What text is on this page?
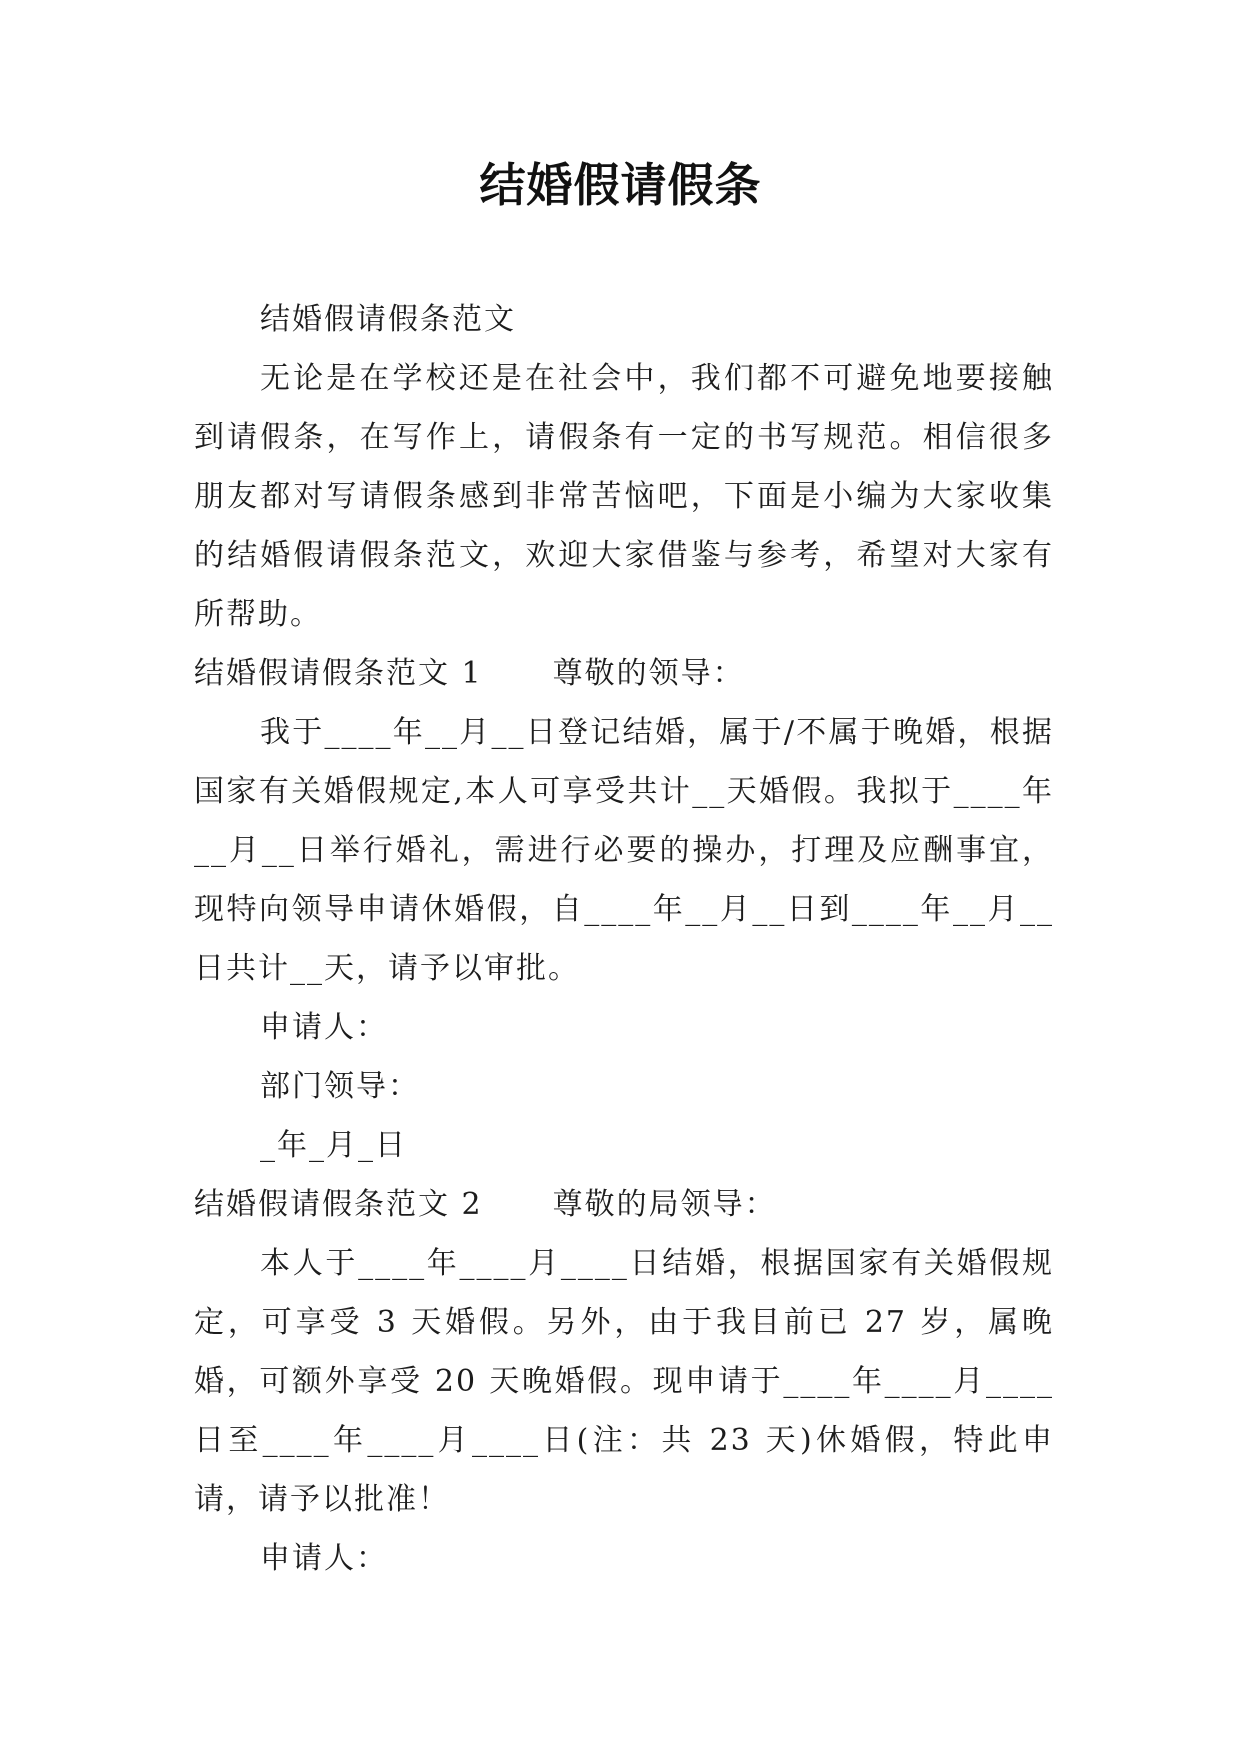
结婚假请假条

结婚假请假条范文

无论是在学校还是在社会中，我们都不可避免地要接触到请假条，在写作上，请假条有一定的书写规范。相信很多朋友都对写请假条感到非常苦恼吧，下面是小编为大家收集的结婚假请假条范文，欢迎大家借鉴与参考，希望对大家有所帮助。

结婚假请假条范文 1 尊敬的领导：

我于____年__月__日登记结婚，属于/不属于晚婚，根据国家有关婚假规定,本人可享受共计__天婚假。我拟于____年__月__日举行婚礼，需进行必要的操办，打理及应酬事宜，现特向领导申请休婚假，自____年__月__日到____年__月__日共计__天，请予以审批。

申请人：

部门领导：

_年_月_日

结婚假请假条范文 2 尊敬的局领导：

本人于____年____月____日结婚，根据国家有关婚假规定，可享受 3 天婚假。另外，由于我目前已 27 岁，属晚婚，可额外享受 20 天晚婚假。现申请于____年____月____日至____年____月____日(注：共 23 天)休婚假，特此申请，请予以批准！

申请人：
